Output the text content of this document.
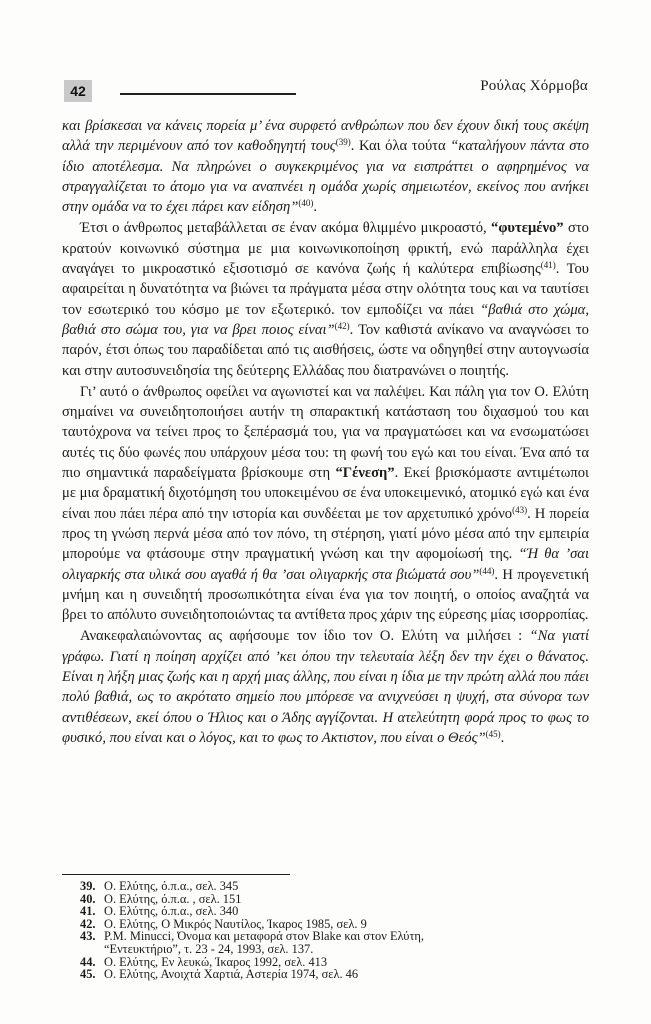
42	Ρούλας Χόρμοβα

και βρίσκεσαι να κάνεις πορεία μ’ ένα συρφετό ανθρώπων που δεν έχουν δική τους σκέψη αλλά την περιμένουν από τον καθοδηγητή τους$^{(39)}$. Και όλα τούτα “καταλήγουν πάντα στο ίδιο αποτέλεσμα. Να πληρώνει ο συγκεκριμένος για να εισπράττει ο αφηρημένος να στραγγαλίζεται το άτομο για να αναπνέει η ομάδα χωρίς σημειωτέον, εκείνος που ανήκει στην ομάδα να το έχει πάρει καν είδηση”$^{(40)}$.

Έτσι ο άνθρωπος μεταβάλλεται σε έναν ακόμα θλιμμένο μικροαστό, “φυτεμένο” στο κρατούν κοινωνικό σύστημα με μια κοινωνικοποίηση φρικτή, ενώ παράλληλα έχει αναγάγει το μικροαστικό εξισοτισμό σε κανόνα ζωής ή καλύτερα επιβίωσης$^{(41)}$. Του αφαιρείται η δυνατότητα να βιώνει τα πράγματα μέσα στην ολότητα τους και να ταυτίσει τον εσωτερικό του κόσμο με τον εξωτερικό. τον εμποδίζει να πάει “βαθιά στο χώμα, βαθιά στο σώμα του, για να βρει ποιος είναι”$^{(42)}$. Τον καθιστά ανίκανο να αναγνώσει το παρόν, έτσι όπως του παραδίδεται από τις αισθήσεις, ώστε να οδηγηθεί στην αυτογνωσία και στην αυτοσυνειδησία της δεύτερης Ελλάδας που διατρανώνει ο ποιητής.

Γι’ αυτό ο άνθρωπος οφείλει να αγωνιστεί και να παλέψει. Και πάλη για τον Ο. Ελύτη σημαίνει να συνειδητοποιήσει αυτήν τη σπαρακτική κατάσταση του διχασμού του και ταυτόχρονα να τείνει προς το ξεπέρασμά του, για να πραγματώσει και να ενσωματώσει αυτές τις δύο φωνές που υπάρχουν μέσα του: τη φωνή του εγώ και του είναι. Ένα από τα πιο σημαντικά παραδείγματα βρίσκουμε στη “Γένεση”. Εκεί βρισκόμαστε αντιμέτωποι με μια δραματική διχοτόμηση του υποκειμένου σε ένα υποκειμενικό, ατομικό εγώ και ένα είναι που πάει πέρα από την ιστορία και συνδέεται με τον αρχετυπικό χρόνο$^{(43)}$. Η πορεία προς τη γνώση περνά μέσα από τον πόνο, τη στέρηση, γιατί μόνο μέσα από την εμπειρία μπορούμε να φτάσουμε στην πραγματική γνώση και την αφομοίωσή της. “Ή θα ’σαι ολιγαρκής στα υλικά σου αγαθά ή θα ’σαι ολιγαρκής στα βιώματά σου”$^{(44)}$. Η προγενετική μνήμη και η συνειδητή προσωπικότητα είναι ένα για τον ποιητή, ο οποίος αναζητά να βρει το απόλυτο συνειδητοποιώντας τα αντίθετα προς χάριν της εύρεσης μίας ισορροπίας.

Ανακεφαλαιώνοντας ας αφήσουμε τον ίδιο τον Ο. Ελύτη να μιλήσει : “Να γιατί γράφω. Γιατί η ποίηση αρχίζει από ’κει όπου την τελευταία λέξη δεν την έχει ο θάνατος. Είναι η λήξη μιας ζωής και η αρχή μιας άλλης, που είναι η ίδια με την πρώτη αλλά που πάει πολύ βαθιά, ως το ακρότατο σημείο που μπόρεσε να ανιχνεύσει η ψυχή, στα σύνορα των αντιθέσεων, εκεί όπου ο Ήλιος και ο Άδης αγγίζονται. Η ατελεύτητη φορά προς το φως το φυσικό, που είναι και ο λόγος, και το φως το Ακτιστον, που είναι ο Θεός”$^{(45)}$.

39. Ο. Ελύτης, ό.π.α., σελ. 345
40. Ο. Ελύτης, ό.π.α. , σελ. 151
41. Ο. Ελύτης, ό.π.α., σελ. 340
42. Ο. Ελύτης, Ο Μικρός Ναυτίλος, Ίκαρος 1985, σελ. 9
43. P.M. Minucci, Όνομα και μεταφορά στον Blake και στον Ελύτη,
“Εντευκτήριο”, τ. 23 - 24, 1993, σελ. 137.
44. Ο. Ελύτης, Εν λευκώ, Ίκαρος 1992, σελ. 413
45. Ο. Ελύτης, Ανοιχτά Χαρτιά, Αστερία 1974, σελ. 46
